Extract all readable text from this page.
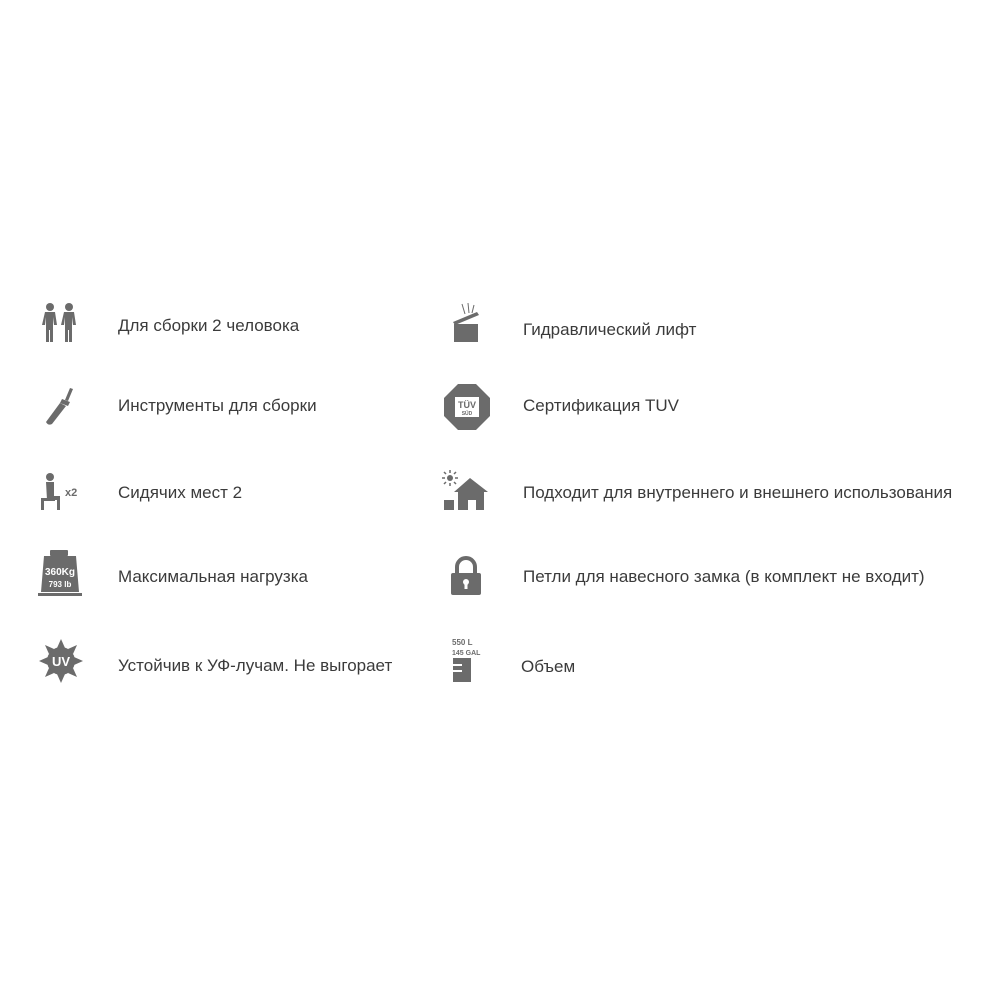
Для сборки 2 человока
Инструменты для сборки
x2 Сидячих мест 2
360Kg
793 lb	Максимальная нагрузка
UV	Устойчив к УФ-лучам. Не выгорает
Гидравлический лифт
TÜV
SÜD	Сертификация TUV
Подходит для внутреннего и внешнего использования
Петли для навесного замка (в комплект не входит)
550 L
145 GAL
Объем
